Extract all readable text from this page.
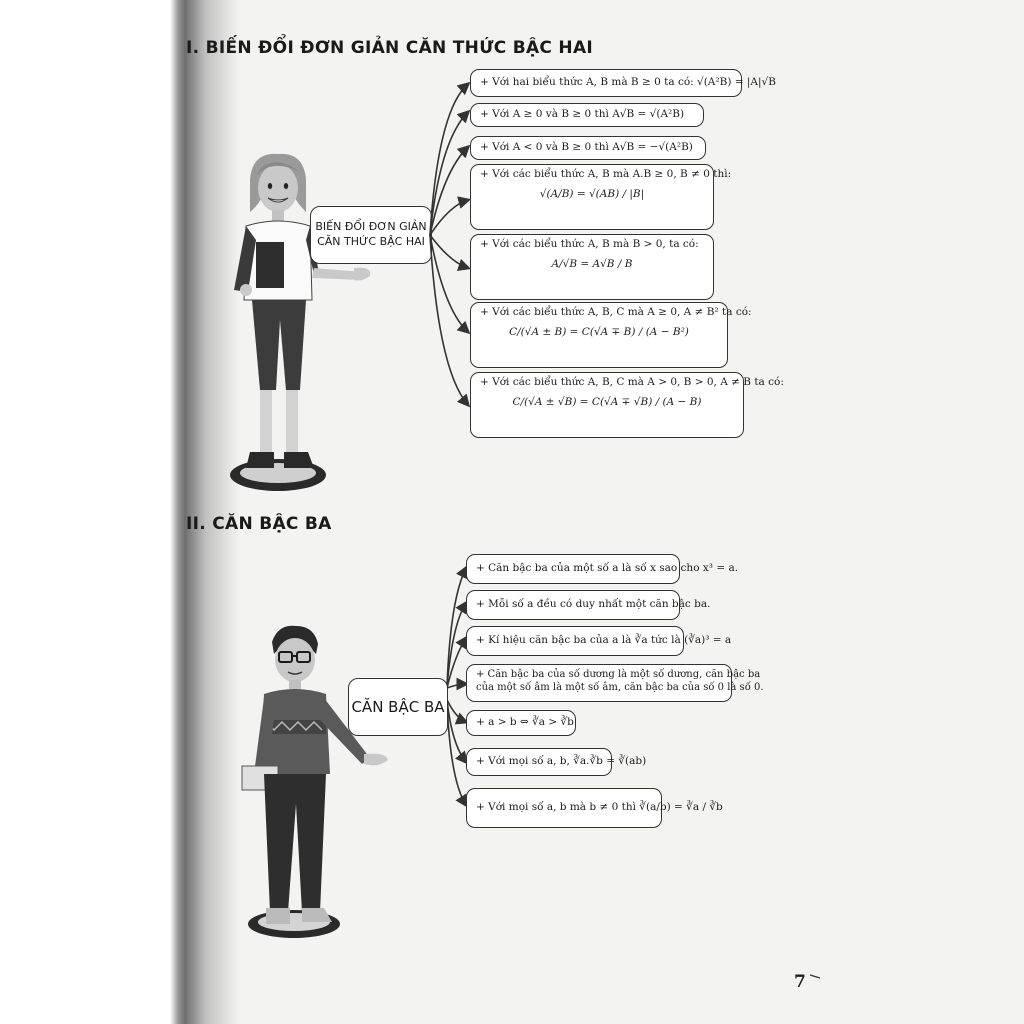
I. BIẾN ĐỔI ĐƠN GIẢN CĂN THỨC BẬC HAI
BIẾN ĐỔI ĐƠN GIẢN CĂN THỨC BẬC HAI
+ Với hai biểu thức A, B mà B ≥ 0 ta có: √(A²B) = |A|√B
+ Với A ≥ 0 và B ≥ 0 thì A√B = √(A²B)
+ Với A < 0 và B ≥ 0 thì A√B = −√(A²B)
+ Với các biểu thức A, B mà A.B ≥ 0, B ≠ 0 thì:
√(A/B) = √(AB) / |B|
+ Với các biểu thức A, B mà B > 0, ta có:
A/√B = A√B / B
+ Với các biểu thức A, B, C mà A ≥ 0, A ≠ B² ta có:
C/(√A ± B) = C(√A ∓ B) / (A − B²)
+ Với các biểu thức A, B, C mà A > 0, B > 0, A ≠ B ta có:
C/(√A ± √B) = C(√A ∓ √B) / (A − B)
II. CĂN BẬC BA
CĂN BẬC BA
+ Căn bậc ba của một số a là số x sao cho x³ = a.
+ Mỗi số a đều có duy nhất một căn bậc ba.
+ Kí hiệu căn bậc ba của a là ∛a tức là (∛a)³ = a
+ Căn bậc ba của số dương là một số dương, căn bậc ba
của một số âm là một số âm, căn bậc ba của số 0 là số 0.
+ a > b ⇔ ∛a > ∛b
+ Với mọi số a, b, ∛a.∛b = ∛(ab)
+ Với mọi số a, b mà b ≠ 0 thì ∛(a/b) = ∛a / ∛b
7
